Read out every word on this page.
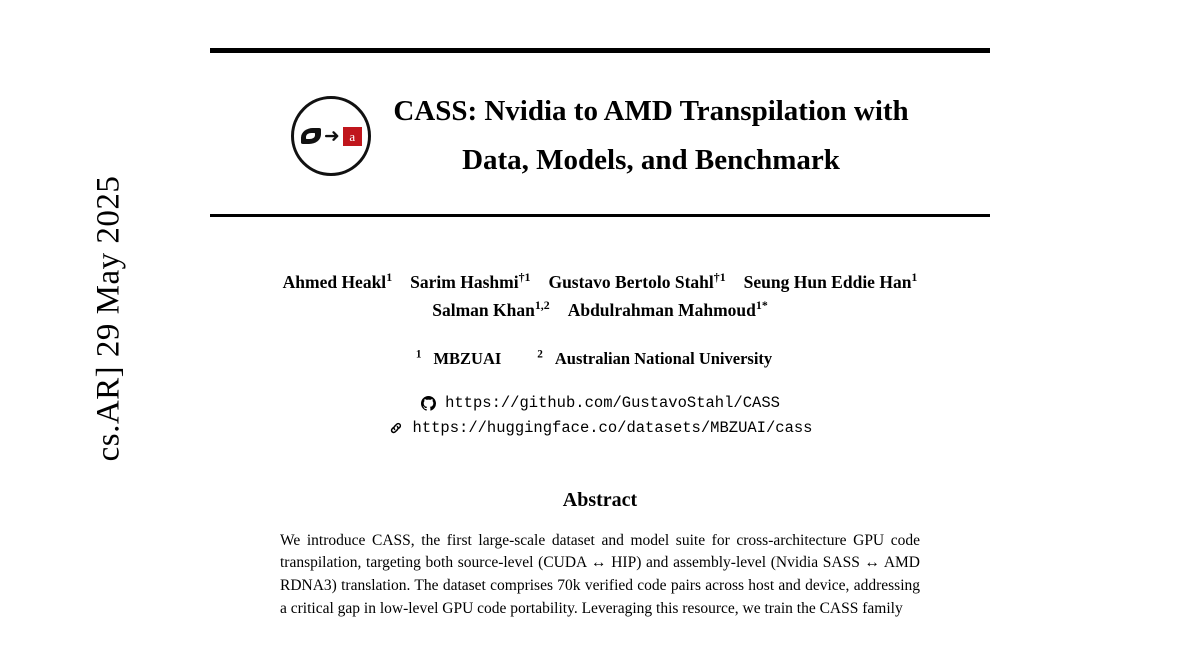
cs.AR] 29 May 2025
➜ a
CASS: Nvidia to AMD Transpilation with
Data, Models, and Benchmark
Ahmed Heakl$^1$ Sarim Hashmi$^{\dagger 1}$ Gustavo Bertolo Stahl$^{\dagger 1}$ Seung Hun Eddie Han$^1$
Salman Khan$^{1,2}$ Abdulrahman Mahmoud$^{1*}$
$^1$ MBZUAI	$^2$ Australian National University
https://github.com/GustavoStahl/CASS
https://huggingface.co/datasets/MBZUAI/cass
Abstract
We introduce CASS, the first large-scale dataset and model suite for cross-architecture GPU code transpilation, targeting both source-level (CUDA ↔ HIP) and assembly-level (Nvidia SASS ↔ AMD RDNA3) translation. The dataset comprises 70k verified code pairs across host and device, addressing a critical gap in low-level GPU code portability. Leveraging this resource, we train the CASS family
